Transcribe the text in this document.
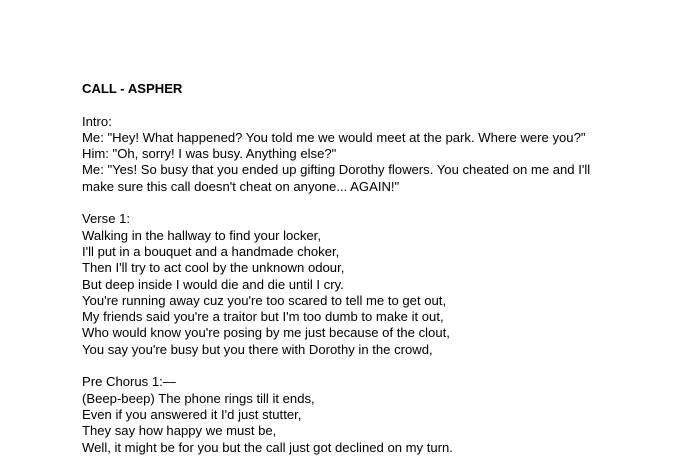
CALL - ASPHER
Intro:
Me: "Hey! What happened? You told me we would meet at the park. Where were you?"
Him: "Oh, sorry! I was busy. Anything else?"
Me: "Yes! So busy that you ended up gifting Dorothy flowers. You cheated on me and I'll
make sure this call doesn't cheat on anyone... AGAIN!"
Verse 1:
Walking in the hallway to find your locker,
I'll put in a bouquet and a handmade choker,
Then I'll try to act cool by the unknown odour,
But deep inside I would die and die until I cry.
You're running away cuz you're too scared to tell me to get out,
My friends said you're a traitor but I'm too dumb to make it out,
Who would know you're posing by me just because of the clout,
You say you're busy but you there with Dorothy in the crowd,
Pre Chorus 1:—
(Beep-beep) The phone rings till it ends,
Even if you answered it I'd just stutter,
They say how happy we must be,
Well, it might be for you but the call just got declined on my turn.
